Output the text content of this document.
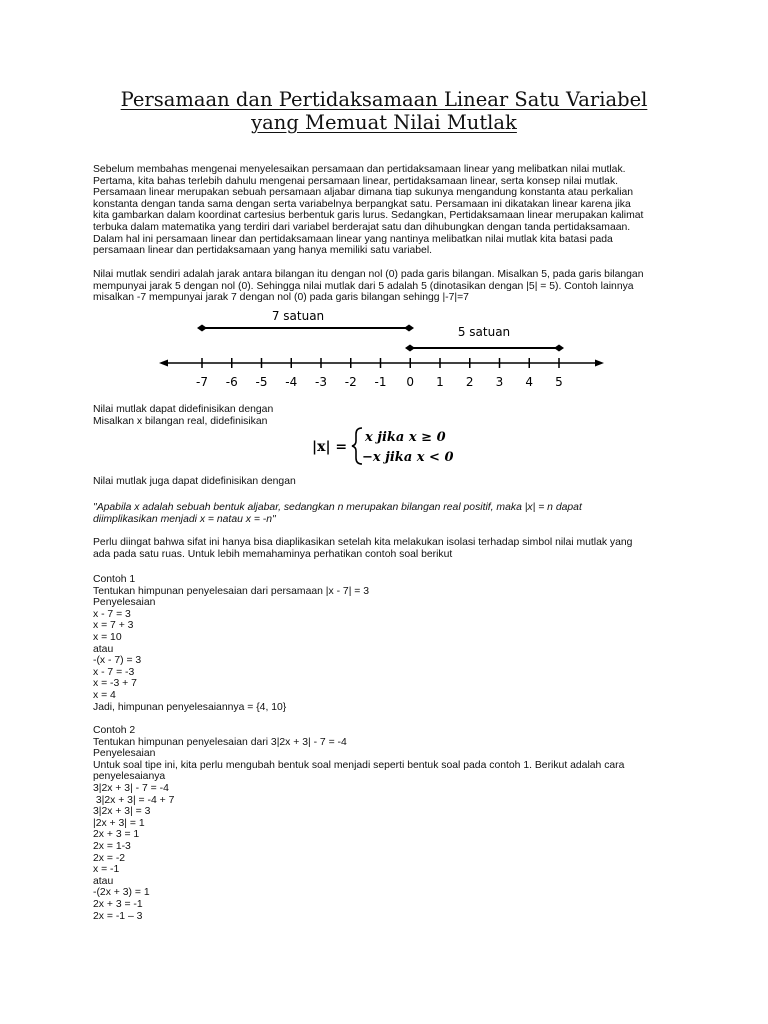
Persamaan dan Pertidaksamaan Linear Satu Variabel
yang Memuat Nilai Mutlak
Sebelum membahas mengenai menyelesaikan persamaan dan pertidaksamaan linear yang melibatkan nilai mutlak.
Pertama, kita bahas terlebih dahulu mengenai persamaan linear, pertidaksamaan linear, serta konsep nilai mutlak.
Persamaan linear merupakan sebuah persamaan aljabar dimana tiap sukunya mengandung konstanta atau perkalian
konstanta dengan tanda sama dengan serta variabelnya berpangkat satu. Persamaan ini dikatakan linear karena jika
kita gambarkan dalam koordinat cartesius berbentuk garis lurus. Sedangkan, Pertidaksamaan linear merupakan kalimat
terbuka dalam matematika yang terdiri dari variabel berderajat satu dan dihubungkan dengan tanda pertidaksamaan.
Dalam hal ini persamaan linear dan pertidaksamaan linear yang nantinya melibatkan nilai mutlak kita batasi pada
persamaan linear dan pertidaksamaan yang hanya memiliki satu variabel.
Nilai mutlak sendiri adalah jarak antara bilangan itu dengan nol (0) pada garis bilangan. Misalkan 5, pada garis bilangan
mempunyai jarak 5 dengan nol (0). Sehingga nilai mutlak dari 5 adalah 5 (dinotasikan dengan |5| = 5). Contoh lainnya
misalkan -7 mempunyai jarak 7 dengan nol (0) pada garis bilangan sehingg |-7|=7
7 satuan
5 satuan
-7 -6 -5 -4 -3 -2 -1 0 1 2 3 4 5
Nilai mutlak dapat didefinisikan dengan
Misalkan x bilangan real, didefinisikan
|x| =
x jika x ≥ 0
−x jika x < 0
Nilai mutlak juga dapat didefinisikan dengan
"Apabila x adalah sebuah bentuk aljabar, sedangkan n merupakan bilangan real positif, maka |x| = n dapat
diimplikasikan menjadi x = natau x = -n"
Perlu diingat bahwa sifat ini hanya bisa diaplikasikan setelah kita melakukan isolasi terhadap simbol nilai mutlak yang
ada pada satu ruas. Untuk lebih memahaminya perhatikan contoh soal berikut
Contoh 1
Tentukan himpunan penyelesaian dari persamaan |x - 7| = 3
Penyelesaian
x - 7 = 3
x = 7 + 3
x = 10
atau
-(x - 7) = 3
x - 7 = -3
x = -3 + 7
x = 4
Jadi, himpunan penyelesaiannya = {4, 10}
Contoh 2
Tentukan himpunan penyelesaian dari 3|2x + 3| - 7 = -4
Penyelesaian
Untuk soal tipe ini, kita perlu mengubah bentuk soal menjadi seperti bentuk soal pada contoh 1. Berikut adalah cara
penyelesaianya
3|2x + 3| - 7 = -4
3|2x + 3| = -4 + 7
3|2x + 3| = 3
|2x + 3| = 1
2x + 3 = 1
2x = 1-3
2x = -2
x = -1
atau
-(2x + 3) = 1
2x + 3 = -1
2x = -1 – 3
